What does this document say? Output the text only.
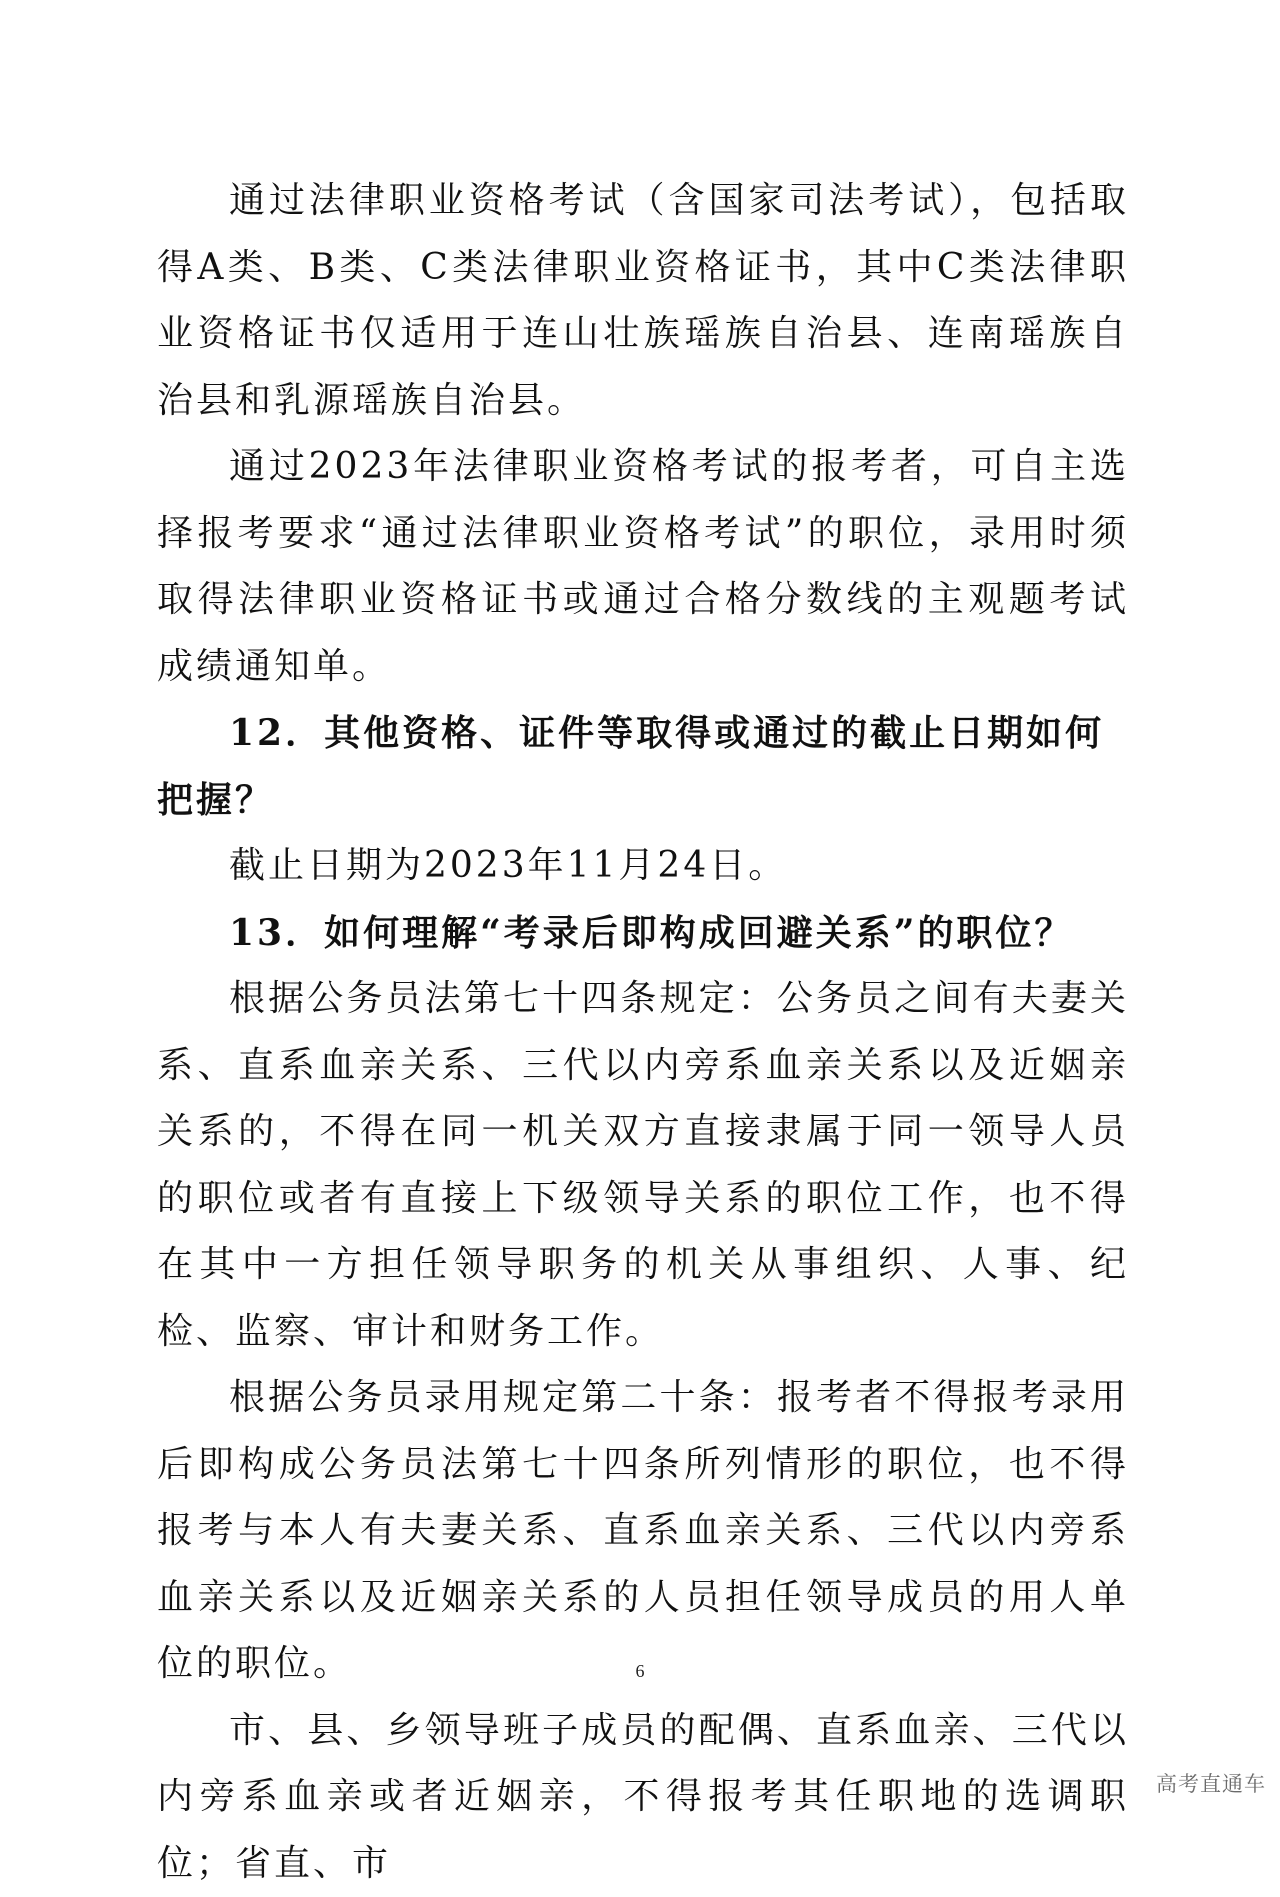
通过法律职业资格考试（含国家司法考试），包括取得A类、B类、C类法律职业资格证书，其中C类法律职业资格证书仅适用于连山壮族瑶族自治县、连南瑶族自治县和乳源瑶族自治县。

通过2023年法律职业资格考试的报考者，可自主选择报考要求“通过法律职业资格考试”的职位，录用时须取得法律职业资格证书或通过合格分数线的主观题考试成绩通知单。

12．其他资格、证件等取得或通过的截止日期如何把握？

截止日期为2023年11月24日。

13．如何理解“考录后即构成回避关系”的职位？

根据公务员法第七十四条规定：公务员之间有夫妻关系、直系血亲关系、三代以内旁系血亲关系以及近姻亲关系的，不得在同一机关双方直接隶属于同一领导人员的职位或者有直接上下级领导关系的职位工作，也不得在其中一方担任领导职务的机关从事组织、人事、纪检、监察、审计和财务工作。

根据公务员录用规定第二十条：报考者不得报考录用后即构成公务员法第七十四条所列情形的职位，也不得报考与本人有夫妻关系、直系血亲关系、三代以内旁系血亲关系以及近姻亲关系的人员担任领导成员的用人单位的职位。

市、县、乡领导班子成员的配偶、直系血亲、三代以内旁系血亲或者近姻亲，不得报考其任职地的选调职位；省直、市

6
高考直通车
